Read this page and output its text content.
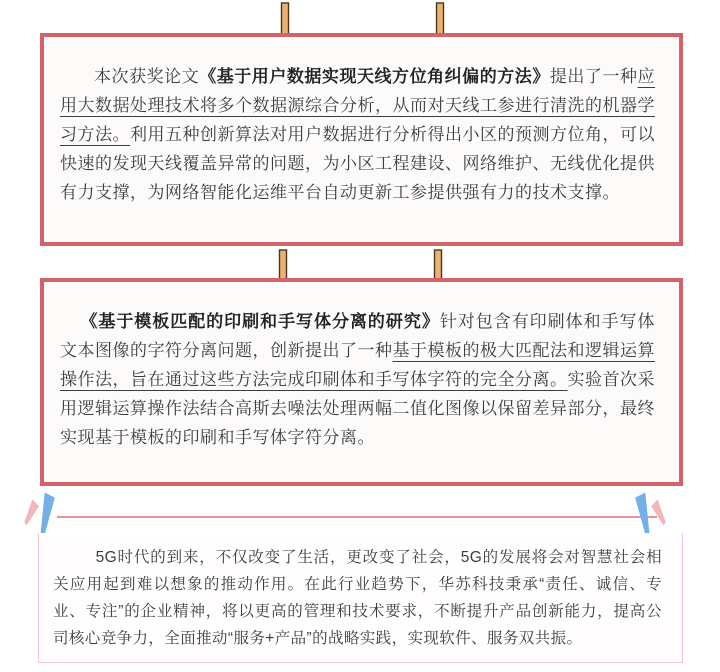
本次获奖论文《基于用户数据实现天线方位角纠偏的方法》提出了一种应用大数据处理技术将多个数据源综合分析，从而对天线工参进行清洗的机器学习方法。利用五种创新算法对用户数据进行分析得出小区的预测方位角，可以快速的发现天线覆盖异常的问题，为小区工程建设、网络维护、无线优化提供有力支撑，为网络智能化运维平台自动更新工参提供强有力的技术支撑。

《基于模板匹配的印刷和手写体分离的研究》针对包含有印刷体和手写体文本图像的字符分离问题，创新提出了一种基于模板的极大匹配法和逻辑运算操作法，旨在通过这些方法完成印刷体和手写体字符的完全分离。实验首次采用逻辑运算操作法结合高斯去噪法处理两幅二值化图像以保留差异部分，最终实现基于模板的印刷和手写体字符分离。

5G时代的到来，不仅改变了生活，更改变了社会，5G的发展将会对智慧社会相关应用起到难以想象的推动作用。在此行业趋势下，华苏科技秉承“责任、诚信、专业、专注”的企业精神，将以更高的管理和技术要求，不断提升产品创新能力，提高公司核心竞争力，全面推动“服务+产品”的战略实践，实现软件、服务双共振。
